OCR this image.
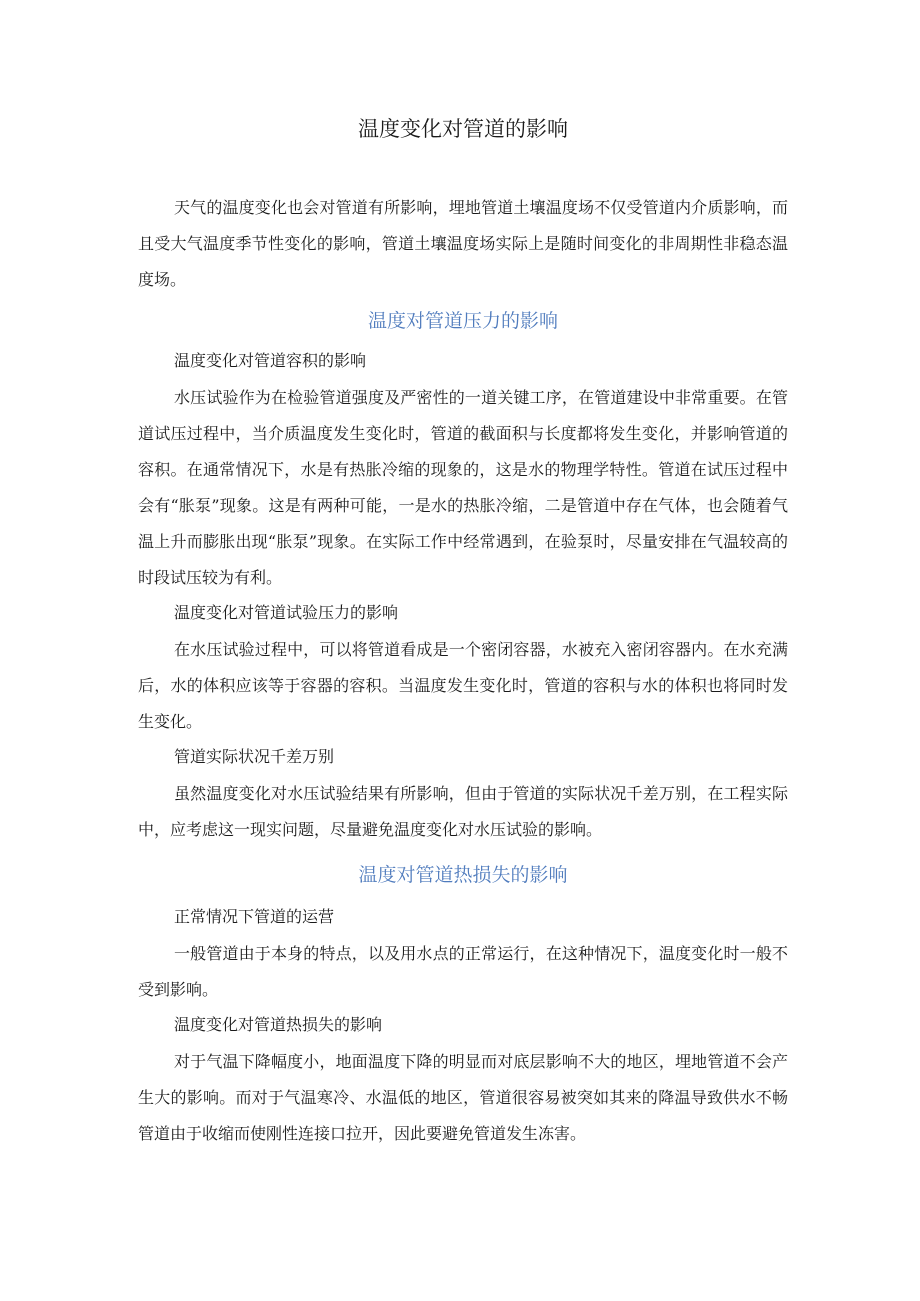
温度变化对管道的影响

天气的温度变化也会对管道有所影响，埋地管道土壤温度场不仅受管道内介质影响，而且受大气温度季节性变化的影响，管道土壤温度场实际上是随时间变化的非周期性非稳态温度场。

温度对管道压力的影响
温度变化对管道容积的影响

水压试验作为在检验管道强度及严密性的一道关键工序，在管道建设中非常重要。在管道试压过程中，当介质温度发生变化时，管道的截面积与长度都将发生变化，并影响管道的容积。在通常情况下，水是有热胀冷缩的现象的，这是水的物理学特性。管道在试压过程中会有“胀泵”现象。这是有两种可能，一是水的热胀冷缩，二是管道中存在气体，也会随着气温上升而膨胀出现“胀泵”现象。在实际工作中经常遇到，在验泵时，尽量安排在气温较高的时段试压较为有利。

温度变化对管道试验压力的影响

在水压试验过程中，可以将管道看成是一个密闭容器，水被充入密闭容器内。在水充满后，水的体积应该等于容器的容积。当温度发生变化时，管道的容积与水的体积也将同时发生变化。

管道实际状况千差万别

虽然温度变化对水压试验结果有所影响，但由于管道的实际状况千差万别，在工程实际中，应考虑这一现实问题，尽量避免温度变化对水压试验的影响。

温度对管道热损失的影响
正常情况下管道的运营

一般管道由于本身的特点，以及用水点的正常运行，在这种情况下，温度变化时一般不受到影响。

温度变化对管道热损失的影响

对于气温下降幅度小，地面温度下降的明显而对底层影响不大的地区，埋地管道不会产生大的影响。而对于气温寒冷、水温低的地区，管道很容易被突如其来的降温导致供水不畅管道由于收缩而使刚性连接口拉开，因此要避免管道发生冻害。
